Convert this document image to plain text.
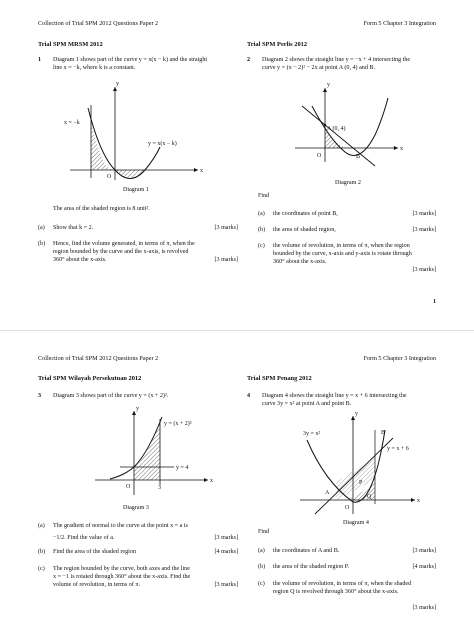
Collection of Trial SPM 2012 Questions Paper 2	Form 5 Chapter 3 Integration
Trial SPM MRSM 2012
1 Diagram 1 shows part of the curve y = x(x − k) and the straight
line x = −k, where k is a constant.
y
x
O
x = −k
y = x(x − k)
Diagram 1
The area of the shaded region is 8 unit².
(a) Show that k = 2.	[3 marks]
(b) Hence, find the volume generated, in terms of π, when the
region bounded by the curve and the x-axis, is revolved
360° about the x-axis.	[3 marks]
Trial SPM Perlis 2012
2 Diagram 2 shows the straight line y = −x + 4 intersecting the
curve y = (x − 2)² − 2x at point A (0, 4) and B.
y
x
O
A (0, 4)
B
Diagram 2
Find
(a) the coordinates of point B,	[3 marks]
(b) the area of shaded region,	[3 marks]
(c) the volume of revolution, in terms of π, when the region
bounded by the curve, x-axis and y-axis is rotate through
360° about the x-axis.
[3 marks]
1
Collection of Trial SPM 2012 Questions Paper 2	Form 5 Chapter 3 Integration
Trial SPM Wilayah Persekutuan 2012
3 Diagram 3 shows part of the curve y = (x + 2)².
y
x
O
y = (x + 2)²
y = 4
3
Diagram 3
(a) The gradient of normal to the curve at the point x = a is
−1/2. Find the value of a.	[3 marks]
(b) Find the area of the shaded region	[4 marks]
(c) The region bounded by the curve, both axes and the line
x = −1 is rotated through 360° about the x-axis. Find the
volume of revolution, in terms of π.	[3 marks]
Trial SPM Penang 2012
4 Diagram 4 shows the straight line y = x + 6 intersecting the
curve 3y = x² at point A and point B.
y
x
O
3y = x²
y = x + 6
A
B
P
Q
Diagram 4
Find
(a) the coordinates of A and B.	[3 marks]
(b) the area of the shaded region P.	[4 marks]
(c) the volume of revolution, in terms of π, when the shaded
region Q is revolved through 360° about the x-axis.
[3 marks]
